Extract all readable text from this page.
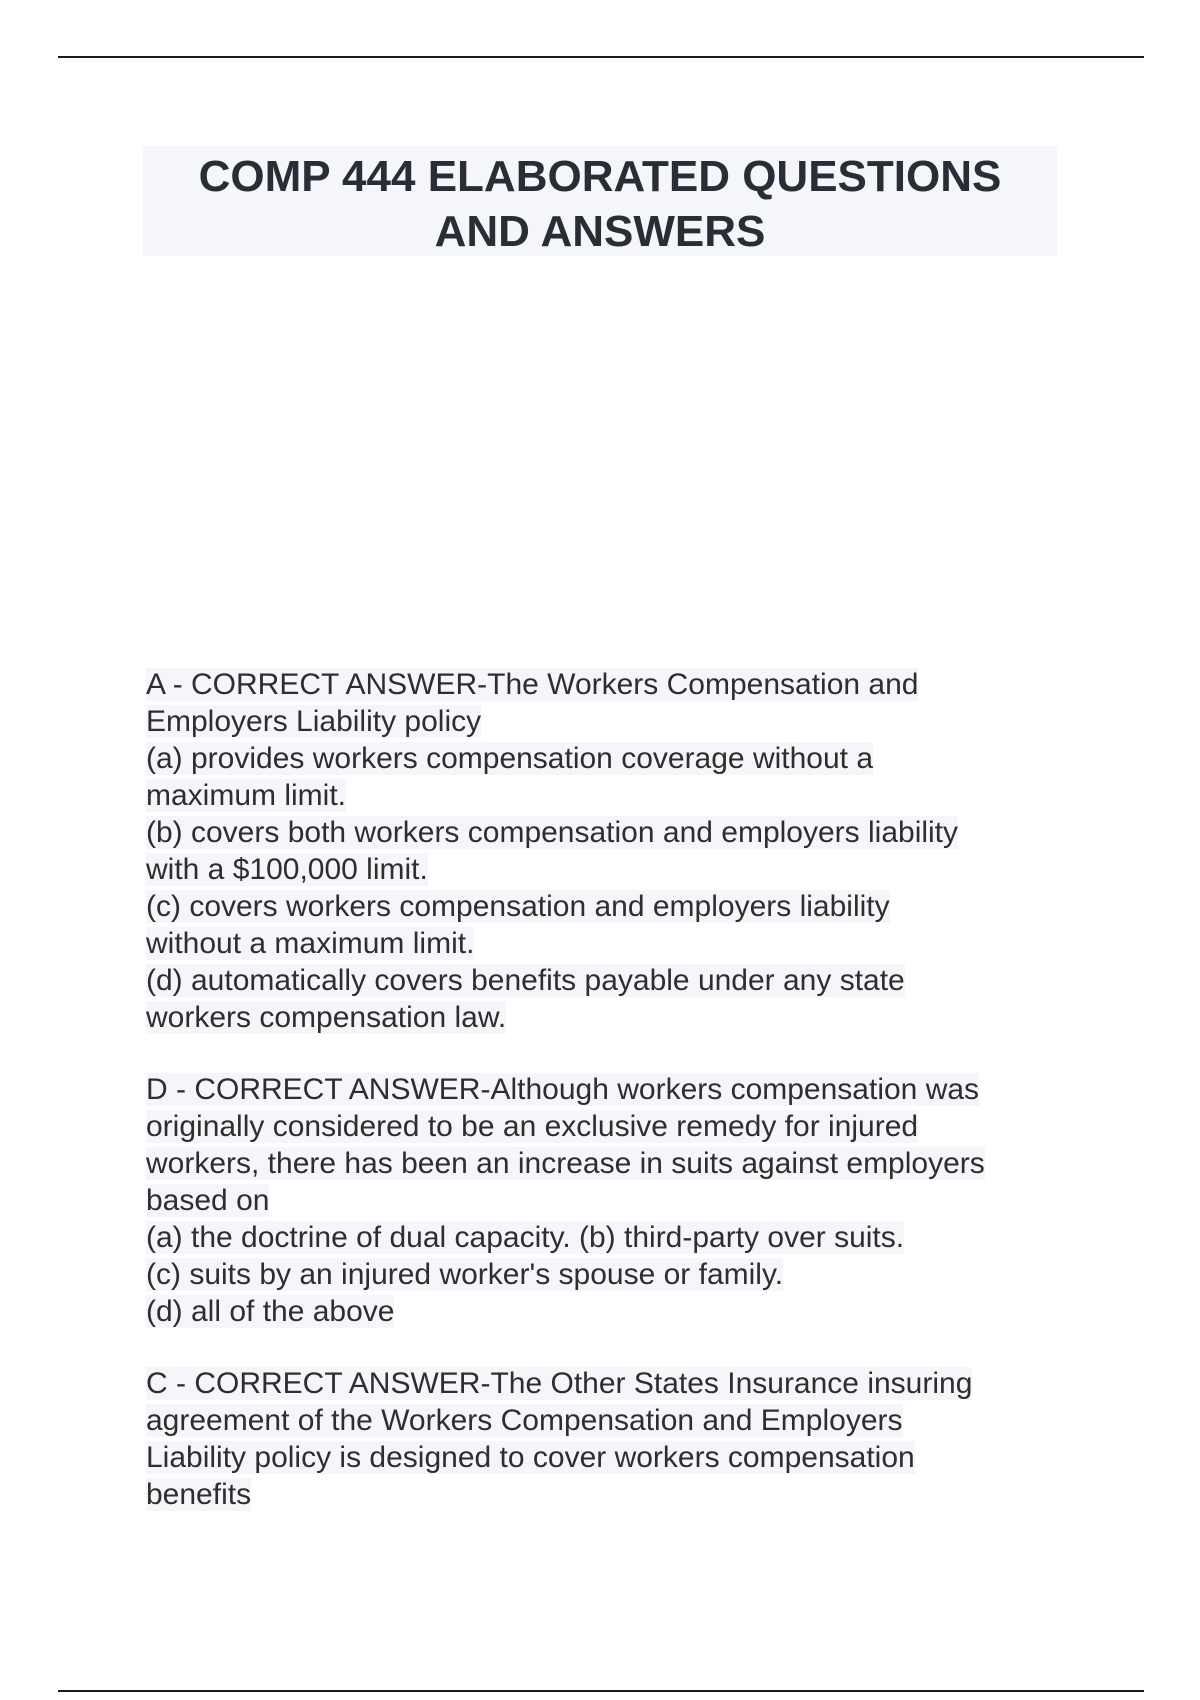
COMP 444 ELABORATED QUESTIONS
AND ANSWERS
A - CORRECT ANSWER-The Workers Compensation and
Employers Liability policy
(a) provides workers compensation coverage without a
maximum limit.
(b) covers both workers compensation and employers liability
with a $100,000 limit.
(c) covers workers compensation and employers liability
without a maximum limit.
(d) automatically covers benefits payable under any state
workers compensation law.
D - CORRECT ANSWER-Although workers compensation was
originally considered to be an exclusive remedy for injured
workers, there has been an increase in suits against employers
based on
(a) the doctrine of dual capacity. (b) third-party over suits.
(c) suits by an injured worker's spouse or family.
(d) all of the above
C - CORRECT ANSWER-The Other States Insurance insuring
agreement of the Workers Compensation and Employers
Liability policy is designed to cover workers compensation
benefits
